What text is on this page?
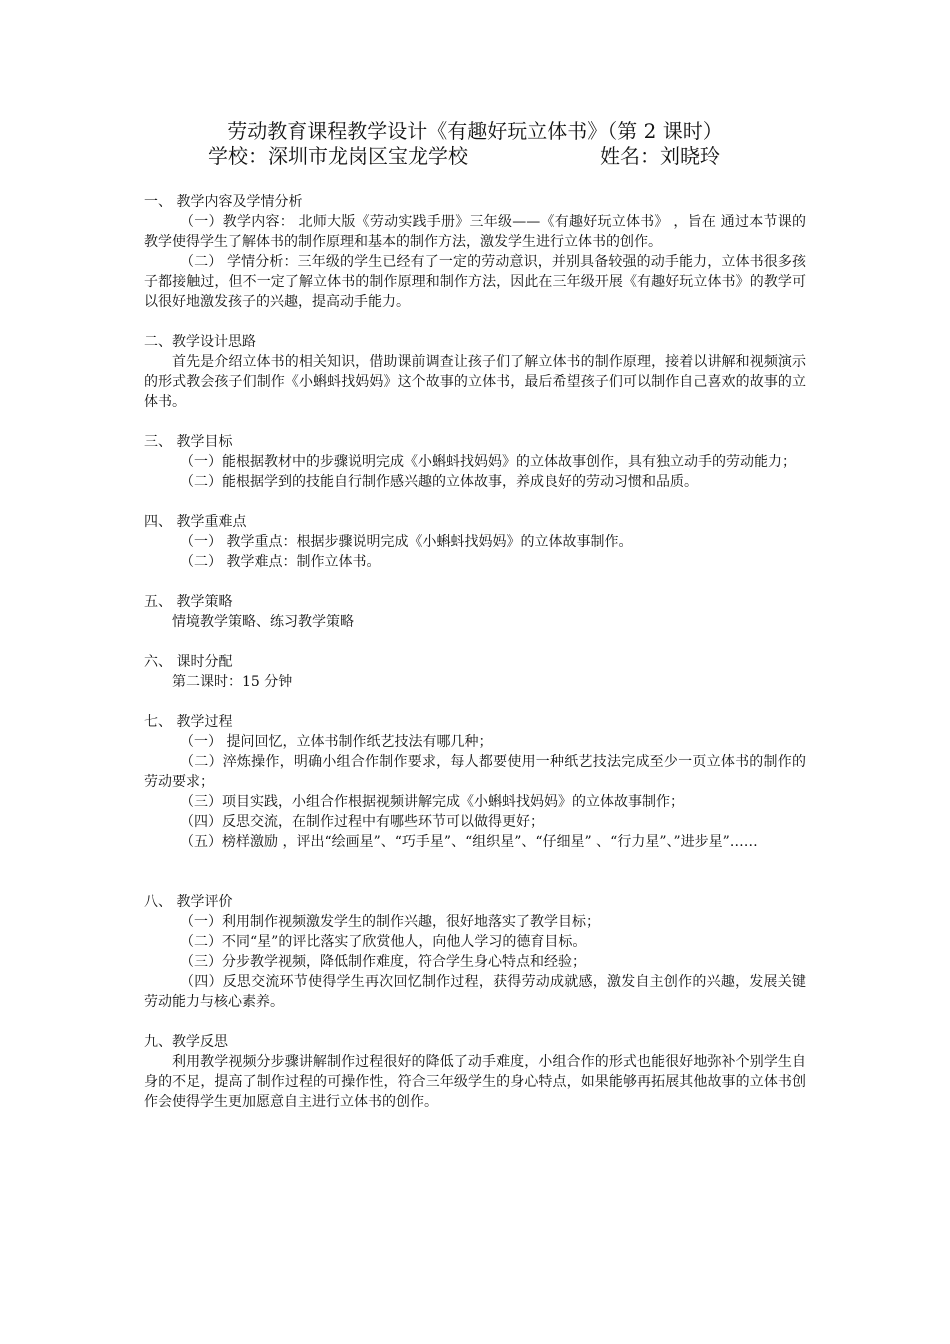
劳动教育课程教学设计《有趣好玩立体书》（第 2 课时）
学校：深圳市龙岗区宝龙学校	姓名：刘晓玲

一、 教学内容及学情分析

（一）教学内容： 北师大版《劳动实践手册》三年级——《有趣好玩立体书》 ，旨在 通过本节课的教学使得学生了解体书的制作原理和基本的制作方法，激发学生进行立体书的创作。

（二） 学情分析：三年级的学生已经有了一定的劳动意识，并别具备较强的动手能力，立体书很多孩子都接触过，但不一定了解立体书的制作原理和制作方法，因此在三年级开展《有趣好玩立体书》的教学可以很好地激发孩子的兴趣，提高动手能力。

二、教学设计思路

首先是介绍立体书的相关知识，借助课前调查让孩子们了解立体书的制作原理，接着以讲解和视频演示的形式教会孩子们制作《小蝌蚪找妈妈》这个故事的立体书，最后希望孩子们可以制作自己喜欢的故事的立体书。

三、 教学目标

（一）能根据教材中的步骤说明完成《小蝌蚪找妈妈》的立体故事创作，具有独立动手的劳动能力；

（二）能根据学到的技能自行制作感兴趣的立体故事，养成良好的劳动习惯和品质。

四、 教学重难点

（一） 教学重点：根据步骤说明完成《小蝌蚪找妈妈》的立体故事制作。

（二） 教学难点：制作立体书。

五、 教学策略

情境教学策略、练习教学策略

六、 课时分配

第二课时：15 分钟

七、 教学过程

（一） 提问回忆，立体书制作纸艺技法有哪几种；

（二）淬炼操作，明确小组合作制作要求，每人都要使用一种纸艺技法完成至少一页立体书的制作的劳动要求；

（三）项目实践，小组合作根据视频讲解完成《小蝌蚪找妈妈》的立体故事制作；

（四）反思交流，在制作过程中有哪些环节可以做得更好；

（五）榜样激励 ，评出“绘画星”、“巧手星”、“组织星”、“仔细星” 、“行力星”、”进步星”……

八、 教学评价

（一）利用制作视频激发学生的制作兴趣，很好地落实了教学目标；

（二）不同“星”的评比落实了欣赏他人，向他人学习的德育目标。

（三）分步教学视频，降低制作难度，符合学生身心特点和经验；

（四）反思交流环节使得学生再次回忆制作过程，获得劳动成就感，激发自主创作的兴趣，发展关键劳动能力与核心素养。

九、教学反思

利用教学视频分步骤讲解制作过程很好的降低了动手难度，小组合作的形式也能很好地弥补个别学生自身的不足，提高了制作过程的可操作性，符合三年级学生的身心特点，如果能够再拓展其他故事的立体书创作会使得学生更加愿意自主进行立体书的创作。
